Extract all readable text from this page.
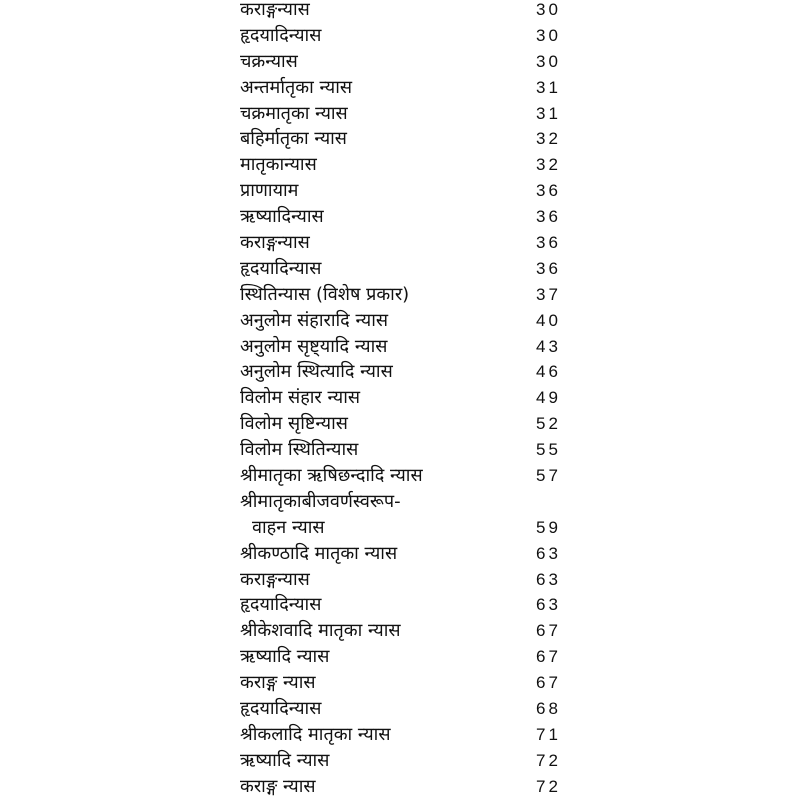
कराङ्गन्यास	30
हृदयादिन्यास	30
चक्रन्यास	30
अन्तर्मातृका न्यास	31
चक्रमातृका न्यास	31
बहिर्मातृका न्यास	32
मातृकान्यास	32
प्राणायाम	36
ऋष्यादिन्यास	36
कराङ्गन्यास	36
हृदयादिन्यास	36
स्थितिन्यास (विशेष प्रकार)	37
अनुलोम संहारादि न्यास	40
अनुलोम सृष्ट्यादि न्यास	43
अनुलोम स्थित्यादि न्यास	46
विलोम संहार न्यास	49
विलोम सृष्टिन्यास	52
विलोम स्थितिन्यास	55
श्रीमातृका ऋषिछन्दादि न्यास	57
श्रीमातृकाबीजवर्णस्वरूप-
वाहन न्यास	59
श्रीकण्ठादि मातृका न्यास	63
कराङ्गन्यास	63
हृदयादिन्यास	63
श्रीकेशवादि मातृका न्यास	67
ऋष्यादि न्यास	67
कराङ्ग न्यास	67
हृदयादिन्यास	68
श्रीकलादि मातृका न्यास	71
ऋष्यादि न्यास	72
कराङ्ग न्यास	72
